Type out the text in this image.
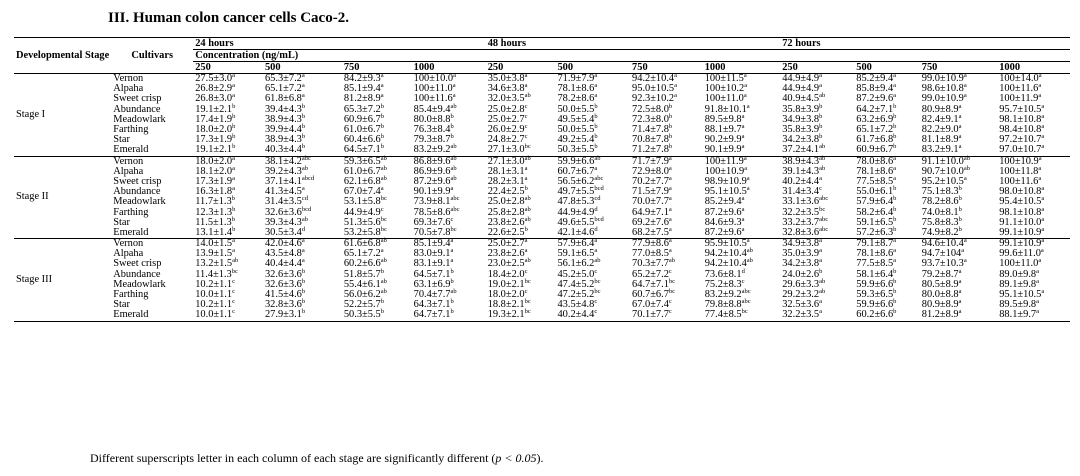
III. Human colon cancer cells Caco-2.
Developmental Stage	Cultivars	24 hours				48 hours				72 hours			
		Concentration (ng/mL)											
		250	500	750	1000	250	500	750	1000	250	500	750	1000
Stage I	Vernon	27.5±3.0$^a$	65.3±7.2$^a$	84.2±9.3$^a$	100±10.0$^a$	35.0±3.8$^a$	71.9±7.9$^a$	94.2±10.4$^a$	100±11.5$^a$	44.9±4.9$^a$	85.2±9.4$^a$	99.0±10.9$^a$	100±14.0$^a$
	Alpaha	26.8±2.9$^a$	65.1±7.2$^a$	85.1±9.4$^a$	100±11.0$^a$	34.6±3.8$^a$	78.1±8.6$^a$	95.0±10.5$^a$	100±10.2$^a$	44.9±4.9$^a$	85.8±9.4$^a$	98.6±10.8$^a$	100±11.6$^a$
	Sweet crisp	26.8±3.0$^a$	61.8±6.8$^a$	81.2±8.9$^a$	100±11.6$^a$	32.0±3.5$^{ab}$	78.2±8.6$^a$	92.3±10.2$^a$	100±11.0$^a$	40.9±4.5$^{ab}$	87.2±9.6$^a$	99.0±10.9$^a$	100±11.9$^a$
	Abundance	19.1±2.1$^b$	39.4±4.3$^b$	65.3±7.2$^b$	85.4±9.4$^{ab}$	25.0±2.8$^c$	50.0±5.5$^b$	72.5±8.0$^b$	91.8±10.1$^a$	35.8±3.9$^b$	64.2±7.1$^b$	80.9±8.9$^a$	95.7±10.5$^a$
	Meadowlark	17.4±1.9$^b$	38.9±4.3$^b$	60.9±6.7$^b$	80.0±8.8$^b$	25.0±2.7$^c$	49.5±5.4$^b$	72.3±8.0$^b$	89.5±9.8$^a$	34.9±3.8$^b$	63.2±6.9$^b$	82.4±9.1$^a$	98.1±10.8$^a$
	Farthing	18.0±2.0$^b$	39.9±4.4$^b$	61.0±6.7$^b$	76.3±8.4$^b$	26.0±2.9$^c$	50.0±5.5$^b$	71.4±7.8$^b$	88.1±9.7$^a$	35.8±3.9$^b$	65.1±7.2$^b$	82.2±9.0$^a$	98.4±10.8$^a$
	Star	17.3±1.9$^b$	38.9±4.3$^b$	60.4±6.6$^b$	79.3±8.7$^b$	24.8±2.7$^c$	49.2±5.4$^b$	70.8±7.8$^b$	90.2±9.9$^a$	34.2±3.8$^b$	61.7±6.8$^b$	81.1±8.9$^a$	97.2±10.7$^a$
	Emerald	19.1±2.1$^b$	40.3±4.4$^b$	64.5±7.1$^b$	83.2±9.2$^{ab}$	27.1±3.0$^{bc}$	50.3±5.5$^b$	71.2±7.8$^b$	90.1±9.9$^a$	37.2±4.1$^{ab}$	60.9±6.7$^b$	83.2±9.1$^a$	97.0±10.7$^a$
Stage II	Vernon	18.0±2.0$^a$	38.1±4.2$^{abc}$	59.3±6.5$^{ab}$	86.8±9.6$^{ab}$	27.1±3.0$^{ab}$	59.9±6.6$^{ab}$	71.7±7.9$^a$	100±11.9$^a$	38.9±4.3$^{ab}$	78.0±8.6$^a$	91.1±10.0$^{ab}$	100±10.9$^a$
	Alpaha	18.1±2.0$^a$	39.2±4.3$^{ab}$	61.0±6.7$^{ab}$	86.9±9.6$^{ab}$	28.1±3.1$^a$	60.7±6.7$^a$	72.9±8.0$^a$	100±10.9$^a$	39.1±4.3$^{ab}$	78.1±8.6$^a$	90.7±10.0$^{ab}$	100±11.8$^a$
	Sweet crisp	17.3±1.9$^a$	$37.1\pm 4.1^{abcd}$	62.1±6.8$^{ab}$	87.2±9.6$^{ab}$	28.2±3.1$^a$	56.5±6.2$^{abc}$	70.2±7.7$^a$	98.9±10.9$^a$	40.2±4.4$^a$	77.5±8.5$^a$	95.2±10.5$^a$	100±11.6$^a$
	Abundance	16.3±1.8$^a$	41.3±4.5$^a$	67.0±7.4$^a$	90.1±9.9$^a$	22.4±2.5$^b$	49.7±5.5$^{bcd}$	71.5±7.9$^a$	95.1±10.5$^a$	31.4±3.4$^c$	55.0±6.1$^b$	75.1±8.3$^b$	98.0±10.8$^a$
	Meadowlark	11.7±1.3$^b$	31.4±3.5$^{cd}$	53.1±5.8$^{bc}$	73.9±8.1$^{abc}$	25.0±2.8$^{ab}$	47.8±5.3$^{cd}$	70.0±7.7$^a$	85.2±9.4$^a$	33.1±3.6$^{abc}$	57.9±6.4$^b$	78.2±8.6$^b$	95.4±10.5$^a$
	Farthing	12.3±1.3$^b$	32.6±3.6$^{bcd}$	44.9±4.9$^c$	78.5±8.6$^{abc}$	25.8±2.8$^{ab}$	44.9±4.9$^d$	64.9±7.1$^a$	87.2±9.6$^a$	32.2±3.5$^{bc}$	58.2±6.4$^b$	74.0±8.1$^b$	98.1±10.8$^a$
	Star	11.5±1.3$^b$	39.3±4.3$^{ab}$	51.3±5.6$^{bc}$	69.3±7.6$^c$	23.8±2.6$^{ab}$	49.6±5.5$^{bcd}$	69.2±7.6$^a$	84.6±9.3$^a$	33.2±3.7$^{abc}$	59.1±6.5$^b$	75.8±8.3$^b$	91.1±10.0$^a$
	Emerald	13.1±1.4$^b$	30.5±3.4$^d$	53.2±5.8$^{bc}$	70.5±7.8$^{bc}$	22.6±2.5$^b$	42.1±4.6$^d$	68.2±7.5$^a$	87.2±9.6$^a$	32.8±3.6$^{abc}$	57.2±6.3$^b$	74.9±8.2$^b$	99.1±10.9$^a$
Stage III	Vernon	14.0±1.5$^a$	42.0±4.6$^a$	61.6±6.8$^{ab}$	85.1±9.4$^a$	25.0±2.7$^a$	57.9±6.4$^a$	77.9±8.6$^a$	95.9±10.5$^a$	34.9±3.8$^a$	79.1±8.7$^a$	94.6±10.4$^a$	99.1±10.9$^a$
	Alpaha	13.9±1.5$^a$	43.5±4.8$^a$	65.1±7.2$^a$	83.0±9.1$^a$	23.8±2.6$^a$	59.1±6.5$^a$	77.0±8.5$^a$	94.2±10.4$^{ab}$	35.0±3.9$^a$	78.1±8.6$^a$	$94.7\pm 104^a$	99.6±11.0$^a$
	Sweet crisp	13.2±1.5$^{ab}$	40.4±4.4$^a$	60.2±6.6$^{ab}$	83.1±9.1$^a$	23.0±2.5$^{ab}$	56.1±6.2$^{ab}$	70.3±7.7$^{ab}$	94.2±10.4$^{ab}$	34.2±3.8$^a$	77.5±8.5$^a$	93.7±10.3$^a$	100±11.0$^a$
	Abundance	11.4±1.3$^{bc}$	32.6±3.6$^b$	51.8±5.7$^b$	64.5±7.1$^b$	18.4±2.0$^c$	45.2±5.0$^c$	65.2±7.2$^c$	73.6±8.1$^d$	24.0±2.6$^b$	58.1±6.4$^b$	79.2±8.7$^a$	89.0±9.8$^a$
	Meadowlark	10.2±1.1$^c$	32.6±3.6$^b$	55.4±6.1$^{ab}$	63.1±6.9$^b$	19.0±2.1$^{bc}$	47.4±5.2$^{bc}$	64.7±7.1$^{bc}$	75.2±8.3$^c$	29.6±3.3$^{ab}$	59.9±6.6$^b$	80.5±8.9$^a$	89.1±9.8$^a$
	Farthing	10.0±1.1$^c$	41.5±4.6$^b$	56.0±6.2$^{ab}$	70.4±7.7$^{ab}$	18.0±2.0$^c$	47.2±5.2$^{bc}$	60.7±6.7$^{bc}$	83.2±9.2$^{abc}$	29.2±3.2$^{ab}$	59.3±6.5$^b$	80.0±8.8$^a$	95.1±10.5$^a$
	Star	10.2±1.1$^c$	32.8±3.6$^b$	52.2±5.7$^b$	64.3±7.1$^b$	18.8±2.1$^{bc}$	43.5±4.8$^c$	67.0±7.4$^c$	79.8±8.8$^{abc}$	32.5±3.6$^a$	59.9±6.6$^b$	80.9±8.9$^a$	89.5±9.8$^a$
	Emerald	10.0±1.1$^c$	27.9±3.1$^b$	50.3±5.5$^b$	64.7±7.1$^b$	19.3±2.1$^{bc}$	40.2±4.4$^c$	70.1±7.7$^c$	77.4±8.5$^{bc}$	32.2±3.5$^a$	60.2±6.6$^b$	81.2±8.9$^a$	88.1±9.7$^a$
Different superscripts letter in each column of each stage are significantly different (p < 0.05).
